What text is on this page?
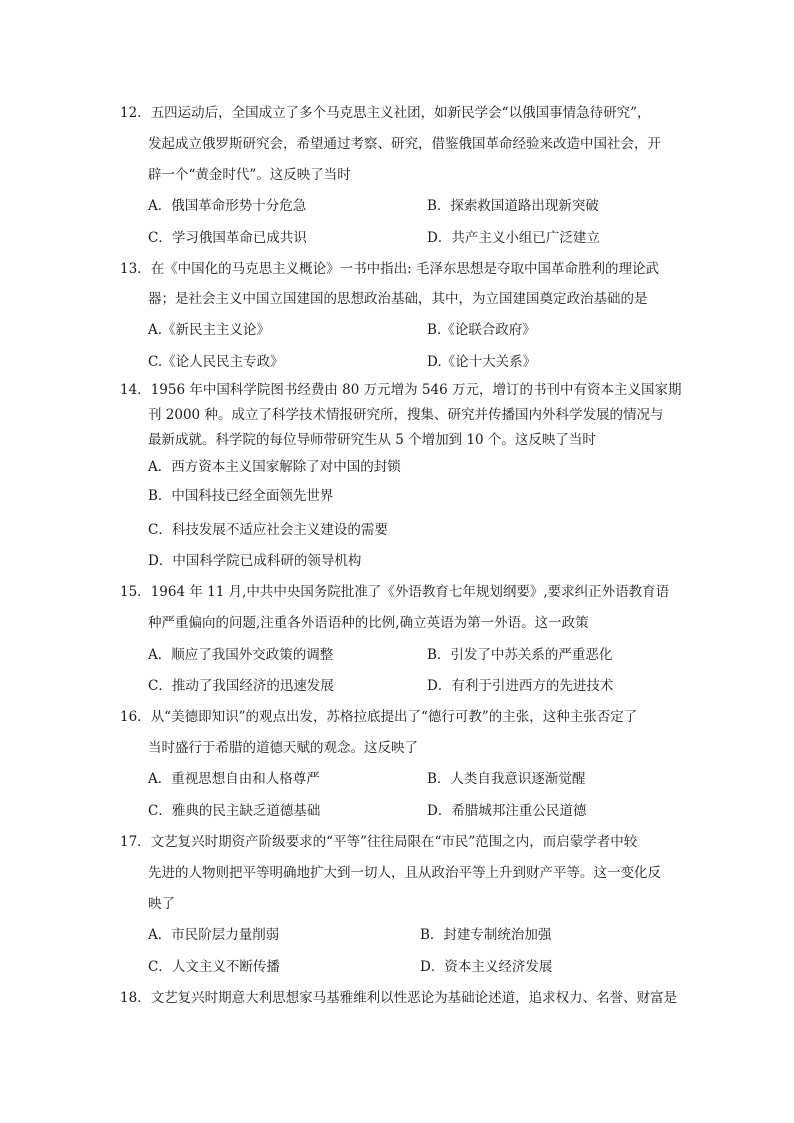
12．五四运动后，全国成立了多个马克思主义社团，如新民学会“以俄国事情急待研究”，
发起成立俄罗斯研究会，希望通过考察、研究，借鉴俄国革命经验来改造中国社会，开
辟一个“黄金时代”。这反映了当时
A．俄国革命形势十分危急	B．探索救国道路出现新突破
C．学习俄国革命已成共识	D．共产主义小组已广泛建立
13．在《中国化的马克思主义概论》一书中指出: 毛泽东思想是夺取中国革命胜利的理论武
器；是社会主义中国立国建国的思想政治基础，其中，为立国建国奠定政治基础的是
A.《新民主主义论》	B.《论联合政府》
C.《论人民民主专政》	D.《论十大关系》
14．1956 年中国科学院图书经费由 80 万元增为 546 万元，增订的书刊中有资本主义国家期
刊 2000 种。成立了科学技术情报研究所，搜集、研究并传播国内外科学发展的情况与
最新成就。科学院的每位导师带研究生从 5 个增加到 10 个。这反映了当时
A．西方资本主义国家解除了对中国的封锁
B．中国科技已经全面领先世界
C．科技发展不适应社会主义建设的需要
D．中国科学院已成科研的领导机构
15．1964 年 11 月,中共中央国务院批准了《外语教育七年规划纲要》,要求纠正外语教育语
种严重偏向的问题,注重各外语语种的比例,确立英语为第一外语。这一政策
A．顺应了我国外交政策的调整	B．引发了中苏关系的严重恶化
C．推动了我国经济的迅速发展	D．有利于引进西方的先进技术
16．从“美德即知识”的观点出发，苏格拉底提出了“德行可教”的主张，这种主张否定了
当时盛行于希腊的道德天赋的观念。这反映了
A．重视思想自由和人格尊严	B．人类自我意识逐渐觉醒
C．雅典的民主缺乏道德基础	D．希腊城邦注重公民道德
17．文艺复兴时期资产阶级要求的“平等”往往局限在“市民”范围之内，而启蒙学者中较
先进的人物则把平等明确地扩大到一切人，且从政治平等上升到财产平等。这一变化反
映了
A．市民阶层力量削弱	B．封建专制统治加强
C．人文主义不断传播	D．资本主义经济发展
18．文艺复兴时期意大利思想家马基雅维利以性恶论为基础论述道，追求权力、名誉、财富是
